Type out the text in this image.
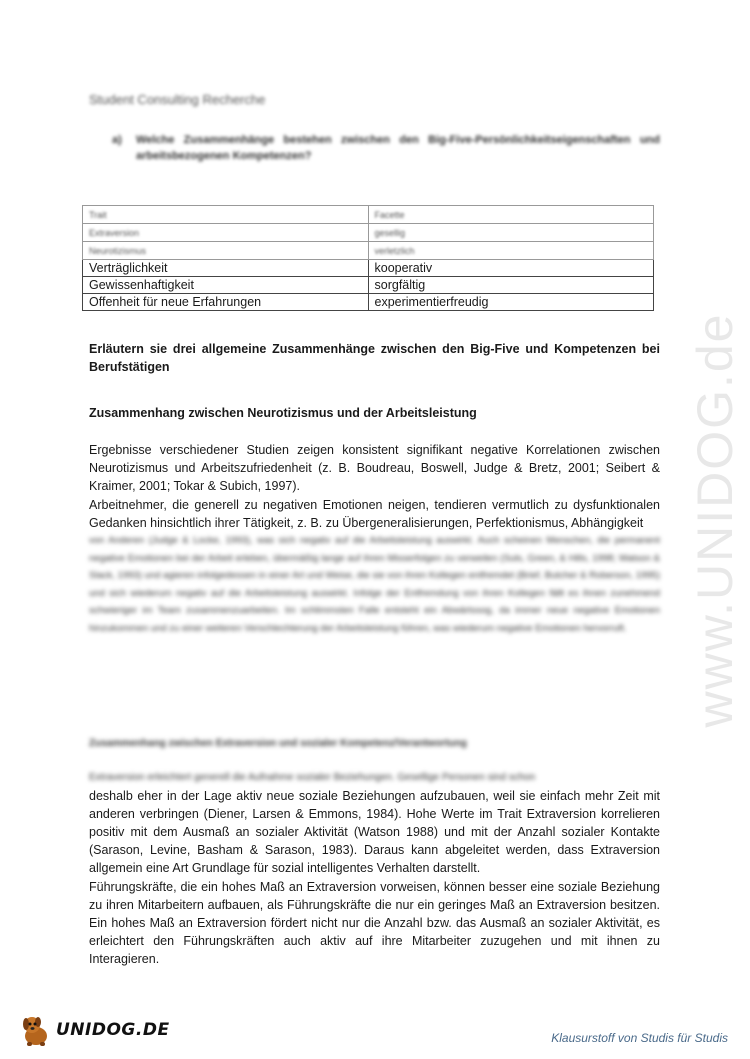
Student Consulting Recherche
a) Welche Zusammenhänge bestehen zwischen den Big-Five-Persönlichkeitseigenschaften und arbeitsbezogenen Kompetenzen?
Trait	Facette
Extraversion	gesellig
Neurotizismus	verletzlich
Verträglichkeit	kooperativ
Gewissenhaftigkeit	sorgfältig
Offenheit für neue Erfahrungen	experimentierfreudig
Erläutern sie drei allgemeine Zusammenhänge zwischen den Big-Five und Kompetenzen bei Berufstätigen
Zusammenhang zwischen Neurotizismus und der Arbeitsleistung
Ergebnisse verschiedener Studien zeigen konsistent signifikant negative Korrelationen zwischen Neurotizismus und Arbeitszufriedenheit (z. B. Boudreau, Boswell, Judge & Bretz, 2001; Seibert & Kraimer, 2001; Tokar & Subich, 1997).
Arbeitnehmer, die generell zu negativen Emotionen neigen, tendieren vermutlich zu dysfunktionalen Gedanken hinsichtlich ihrer Tätigkeit, z. B. zu Übergeneralisierungen, Perfektionismus, Abhängigkeit
von Anderen (Judge & Locke, 1993), was sich negativ auf die Arbeitsleistung auswirkt. Auch scheinen Menschen, die permanent negative Emotionen bei der Arbeit erleben, übermäßig lange auf ihren Misserfolgen zu verweilen (Suls, Green, & Hills, 1998; Watson & Slack, 1993) und agieren infolgedessen in einer Art und Weise, die sie von ihren Kollegen entfremdet (Brief, Butcher & Roberson, 1995) und sich wiederum negativ auf die Arbeitsleistung auswirkt. Infolge der Entfremdung von ihren Kollegen fällt es ihnen zunehmend schwieriger im Team zusammenzuarbeiten. Im schlimmsten Falle entsteht ein Abwärtssog, da immer neue negative Emotionen hinzukommen und zu einer weiteren Verschlechterung der Arbeitsleistung führen, was wiederum negative Emotionen hervorruft.
Zusammenhang zwischen Extraversion und sozialer Kompetenz/Verantwortung
Extraversion erleichtert generell die Aufnahme sozialer Beziehungen. Gesellige Personen sind schon
deshalb eher in der Lage aktiv neue soziale Beziehungen aufzubauen, weil sie einfach mehr Zeit mit anderen verbringen (Diener, Larsen & Emmons, 1984). Hohe Werte im Trait Extraversion korrelieren positiv mit dem Ausmaß an sozialer Aktivität (Watson 1988) und mit der Anzahl sozialer Kontakte (Sarason, Levine, Basham & Sarason, 1983). Daraus kann abgeleitet werden, dass Extraversion allgemein eine Art Grundlage für sozial intelligentes Verhalten darstellt.
Führungskräfte, die ein hohes Maß an Extraversion vorweisen, können besser eine soziale Beziehung zu ihren Mitarbeitern aufbauen, als Führungskräfte die nur ein geringes Maß an Extraversion besitzen. Ein hohes Maß an Extraversion fördert nicht nur die Anzahl bzw. das Ausmaß an sozialer Aktivität, es erleichtert den Führungskräften auch aktiv auf ihre Mitarbeiter zuzugehen und mit ihnen zu Interagieren.
www.UNIDOG.de
UNIDOG.DE	Klausurstoff von Studis für Studis
